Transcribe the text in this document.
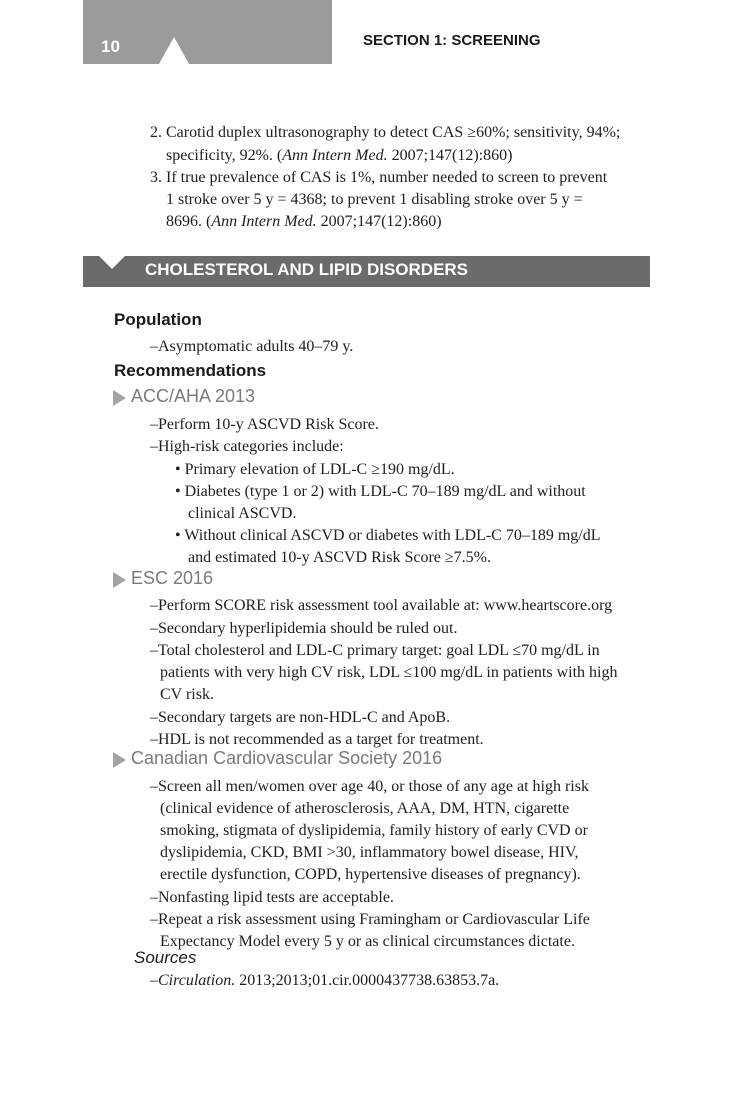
10	SECTION 1: SCREENING
2. Carotid duplex ultrasonography to detect CAS ≥60%; sensitivity, 94%;
specificity, 92%. (Ann Intern Med. 2007;147(12):860)
3. If true prevalence of CAS is 1%, number needed to screen to prevent
1 stroke over 5 y = 4368; to prevent 1 disabling stroke over 5 y =
8696. (Ann Intern Med. 2007;147(12):860)
CHOLESTEROL AND LIPID DISORDERS
Population
–Asymptomatic adults 40–79 y.
Recommendations
ACC/AHA 2013
–Perform 10-y ASCVD Risk Score.
–High-risk categories include:
• Primary elevation of LDL-C ≥190 mg/dL.
• Diabetes (type 1 or 2) with LDL-C 70–189 mg/dL and without
clinical ASCVD.
• Without clinical ASCVD or diabetes with LDL-C 70–189 mg/dL
and estimated 10-y ASCVD Risk Score ≥7.5%.
ESC 2016
–Perform SCORE risk assessment tool available at: www.heartscore.org
–Secondary hyperlipidemia should be ruled out.
–Total cholesterol and LDL-C primary target: goal LDL ≤70 mg/dL in
patients with very high CV risk, LDL ≤100 mg/dL in patients with high
CV risk.
–Secondary targets are non-HDL-C and ApoB.
–HDL is not recommended as a target for treatment.
Canadian Cardiovascular Society 2016
–Screen all men/women over age 40, or those of any age at high risk
(clinical evidence of atherosclerosis, AAA, DM, HTN, cigarette
smoking, stigmata of dyslipidemia, family history of early CVD or
dyslipidemia, CKD, BMI >30, inflammatory bowel disease, HIV,
erectile dysfunction, COPD, hypertensive diseases of pregnancy).
–Nonfasting lipid tests are acceptable.
–Repeat a risk assessment using Framingham or Cardiovascular Life
Expectancy Model every 5 y or as clinical circumstances dictate.
Sources
–Circulation. 2013;2013;01.cir.0000437738.63853.7a.
